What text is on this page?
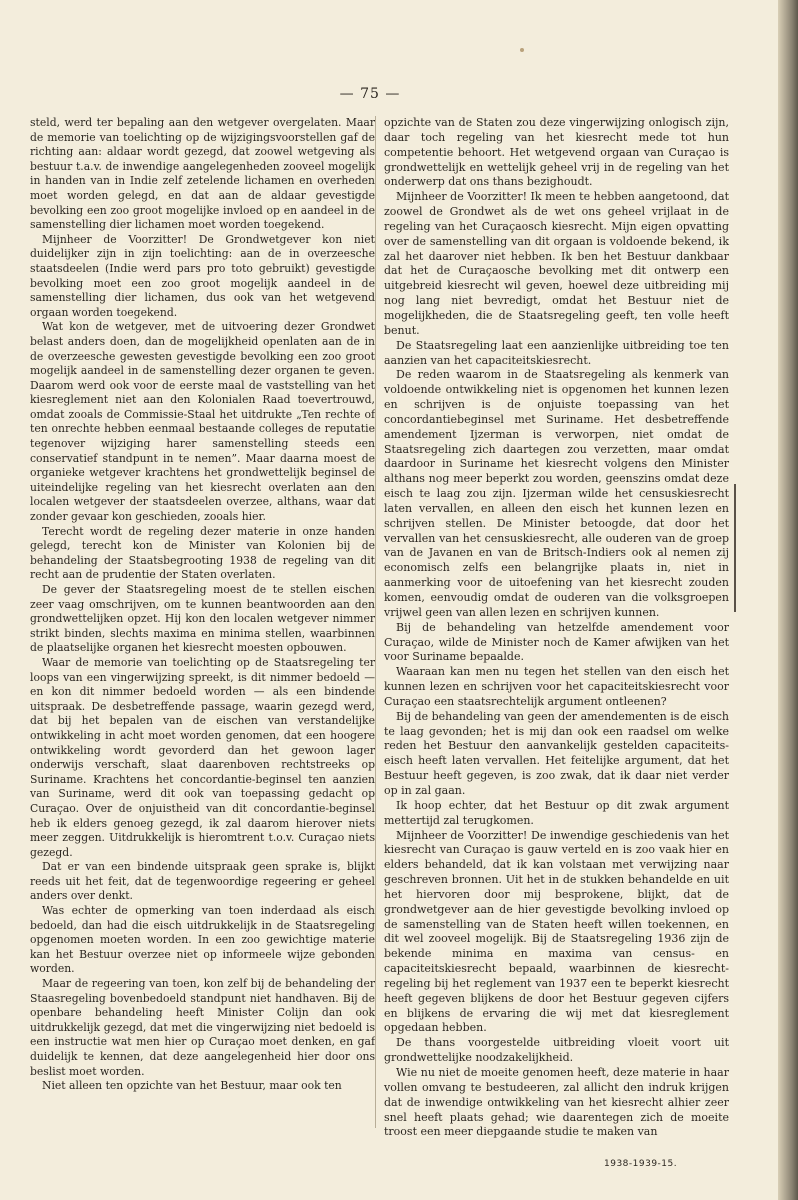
— 75 —

steld, werd ter bepaling aan den wetgever overgelaten. Maar de memorie van toelichting op de wijzigingsvoorstellen gaf de richting aan: aldaar wordt gezegd, dat zoowel wetgeving als bestuur t.a.v. de inwendige aangelegenheden zooveel mogelijk in handen van in Indie zelf zetelende lichamen en overheden moet worden gelegd, en dat aan de aldaar gevestigde bevolking een zoo groot mogelijke invloed op en aandeel in de samenstelling dier lichamen moet worden toegekend.

Mijnheer de Voorzitter! De Grondwetgever kon niet duidelijker zijn in zijn toelichting: aan de in overzeesche staatsdeelen (Indie werd pars pro toto gebruikt) gevestigde bevolking moet een zoo groot mogelijk aandeel in de samenstelling dier lichamen, dus ook van het wetgevend orgaan worden toegekend.

Wat kon de wetgever, met de uitvoering dezer Grondwet belast anders doen, dan de mogelijkheid openlaten aan de in de overzeesche gewesten gevestigde bevolking een zoo groot mogelijk aandeel in de samenstelling dezer organen te geven. Daarom werd ook voor de eerste maal de vaststelling van het kiesreglement niet aan den Kolonialen Raad toevertrouwd, omdat zooals de Commissie-Staal het uitdrukte „Ten rechte of ten onrechte hebben eenmaal bestaande colleges de reputatie tegenover wijziging harer samenstelling steeds een conservatief standpunt in te nemen”. Maar daarna moest de organieke wetgever krachtens het grondwettelijk beginsel de uiteindelijke regeling van het kiesrecht overlaten aan den localen wetgever der staatsdeelen overzee, althans, waar dat zonder gevaar kon geschieden, zooals hier.

Terecht wordt de regeling dezer materie in onze handen gelegd, terecht kon de Minister van Kolonien bij de behandeling der Staatsbegrooting 1938 de regeling van dit recht aan de prudentie der Staten overlaten.

De gever der Staatsregeling moest de te stellen eischen zeer vaag omschrijven, om te kunnen beantwoorden aan den grondwettelijken opzet. Hij kon den localen wetgever nimmer strikt binden, slechts maxima en minima stellen, waarbinnen de plaatselijke organen het kiesrecht moesten opbouwen.

Waar de memorie van toelichting op de Staatsregeling ter loops van een vingerwijzing spreekt, is dit nimmer bedoeld — en kon dit nimmer bedoeld worden — als een bindende uitspraak. De desbetreffende passage, waarin gezegd werd, dat bij het bepalen van de eischen van verstandelijke ontwikkeling in acht moet worden genomen, dat een hoogere ontwikkeling wordt gevorderd dan het gewoon lager onderwijs verschaft, slaat daarenboven rechtstreeks op Suriname. Krachtens het concordantie-beginsel ten aanzien van Suriname, werd dit ook van toepassing gedacht op Curaçao. Over de onjuistheid van dit concordantie-beginsel heb ik elders genoeg gezegd, ik zal daarom hierover niets meer zeggen. Uitdrukkelijk is hieromtrent t.o.v. Curaçao niets gezegd.

Dat er van een bindende uitspraak geen sprake is, blijkt reeds uit het feit, dat de tegenwoordige regeering er geheel anders over denkt.

Was echter de opmerking van toen inderdaad als eisch bedoeld, dan had die eisch uitdrukkelijk in de Staatsregeling opgenomen moeten worden. In een zoo gewichtige materie kan het Bestuur overzee niet op informeele wijze gebonden worden.

Maar de regeering van toen, kon zelf bij de behandeling der Staasregeling bovenbedoeld standpunt niet handhaven. Bij de openbare behandeling heeft Minister Colijn dan ook uitdrukkelijk gezegd, dat met die vingerwijzing niet bedoeld is een instructie wat men hier op Curaçao moet denken, en gaf duidelijk te kennen, dat deze aangelegenheid hier door ons beslist moet worden.

Niet alleen ten opzichte van het Bestuur, maar ook ten

opzichte van de Staten zou deze vingerwijzing onlogisch zijn, daar toch regeling van het kiesrecht mede tot hun competentie behoort. Het wetgevend orgaan van Curaçao is grondwettelijk en wettelijk geheel vrij in de regeling van het onderwerp dat ons thans bezighoudt.

Mijnheer de Voorzitter! Ik meen te hebben aangetoond, dat zoowel de Grondwet als de wet ons geheel vrijlaat in de regeling van het Curaçaosch kiesrecht. Mijn eigen opvatting over de samenstelling van dit orgaan is voldoende bekend, ik zal het daarover niet hebben. Ik ben het Bestuur dankbaar dat het de Curaçaosche bevolking met dit ontwerp een uitgebreid kiesrecht wil geven, hoewel deze uitbreiding mij nog lang niet bevredigt, omdat het Bestuur niet de mogelijkheden, die de Staatsregeling geeft, ten volle heeft benut.

De Staatsregeling laat een aanzienlijke uitbreiding toe ten aanzien van het capaciteitskiesrecht.

De reden waarom in de Staatsregeling als kenmerk van voldoende ontwikkeling niet is opgenomen het kunnen lezen en schrijven is de onjuiste toepassing van het concordantiebeginsel met Suriname. Het desbetreffende amendement Ijzerman is verworpen, niet omdat de Staatsregeling zich daartegen zou verzetten, maar omdat daardoor in Suriname het kiesrecht volgens den Minister althans nog meer beperkt zou worden, geenszins omdat deze eisch te laag zou zijn. Ijzerman wilde het censuskiesrecht laten vervallen, en alleen den eisch het kunnen lezen en schrijven stellen. De Minister betoogde, dat door het vervallen van het censuskiesrecht, alle ouderen van de groep van de Javanen en van de Britsch-Indiers ook al nemen zij economisch zelfs een belangrijke plaats in, niet in aanmerking voor de uitoefening van het kiesrecht zouden komen, eenvoudig omdat de ouderen van die volksgroepen vrijwel geen van allen lezen en schrijven kunnen.

Bij de behandeling van hetzelfde amendement voor Curaçao, wilde de Minister noch de Kamer afwijken van het voor Suriname bepaalde.

Waaraan kan men nu tegen het stellen van den eisch het kunnen lezen en schrijven voor het capaciteitskiesrecht voor Curaçao een staatsrechtelijk argument ontleenen?

Bij de behandeling van geen der amendementen is de eisch te laag gevonden; het is mij dan ook een raadsel om welke reden het Bestuur den aanvankelijk gestelden capaciteits-eisch heeft laten vervallen. Het feitelijke argument, dat het Bestuur heeft gegeven, is zoo zwak, dat ik daar niet verder op in zal gaan.

Ik hoop echter, dat het Bestuur op dit zwak argument mettertijd zal terugkomen.

Mijnheer de Voorzitter! De inwendige geschiedenis van het kiesrecht van Curaçao is gauw verteld en is zoo vaak hier en elders behandeld, dat ik kan volstaan met verwijzing naar geschreven bronnen. Uit het in de stukken behandelde en uit het hiervoren door mij besprokene, blijkt, dat de grondwetgever aan de hier gevestigde bevolking invloed op de samenstelling van de Staten heeft willen toekennen, en dit wel zooveel mogelijk. Bij de Staatsregeling 1936 zijn de bekende minima en maxima van census- en capaciteitskiesrecht bepaald, waarbinnen de kiesrecht-regeling bij het reglement van 1937 een te beperkt kiesrecht heeft gegeven blijkens de door het Bestuur gegeven cijfers en blijkens de ervaring die wij met dat kiesreglement opgedaan hebben.

De thans voorgestelde uitbreiding vloeit voort uit grondwettelijke noodzakelijkheid.

Wie nu niet de moeite genomen heeft, deze materie in haar vollen omvang te bestudeeren, zal allicht den indruk krijgen dat de inwendige ontwikkeling van het kiesrecht alhier zeer snel heeft plaats gehad; wie daarentegen zich de moeite troost een meer diepgaande studie te maken van

1938-1939-15.
